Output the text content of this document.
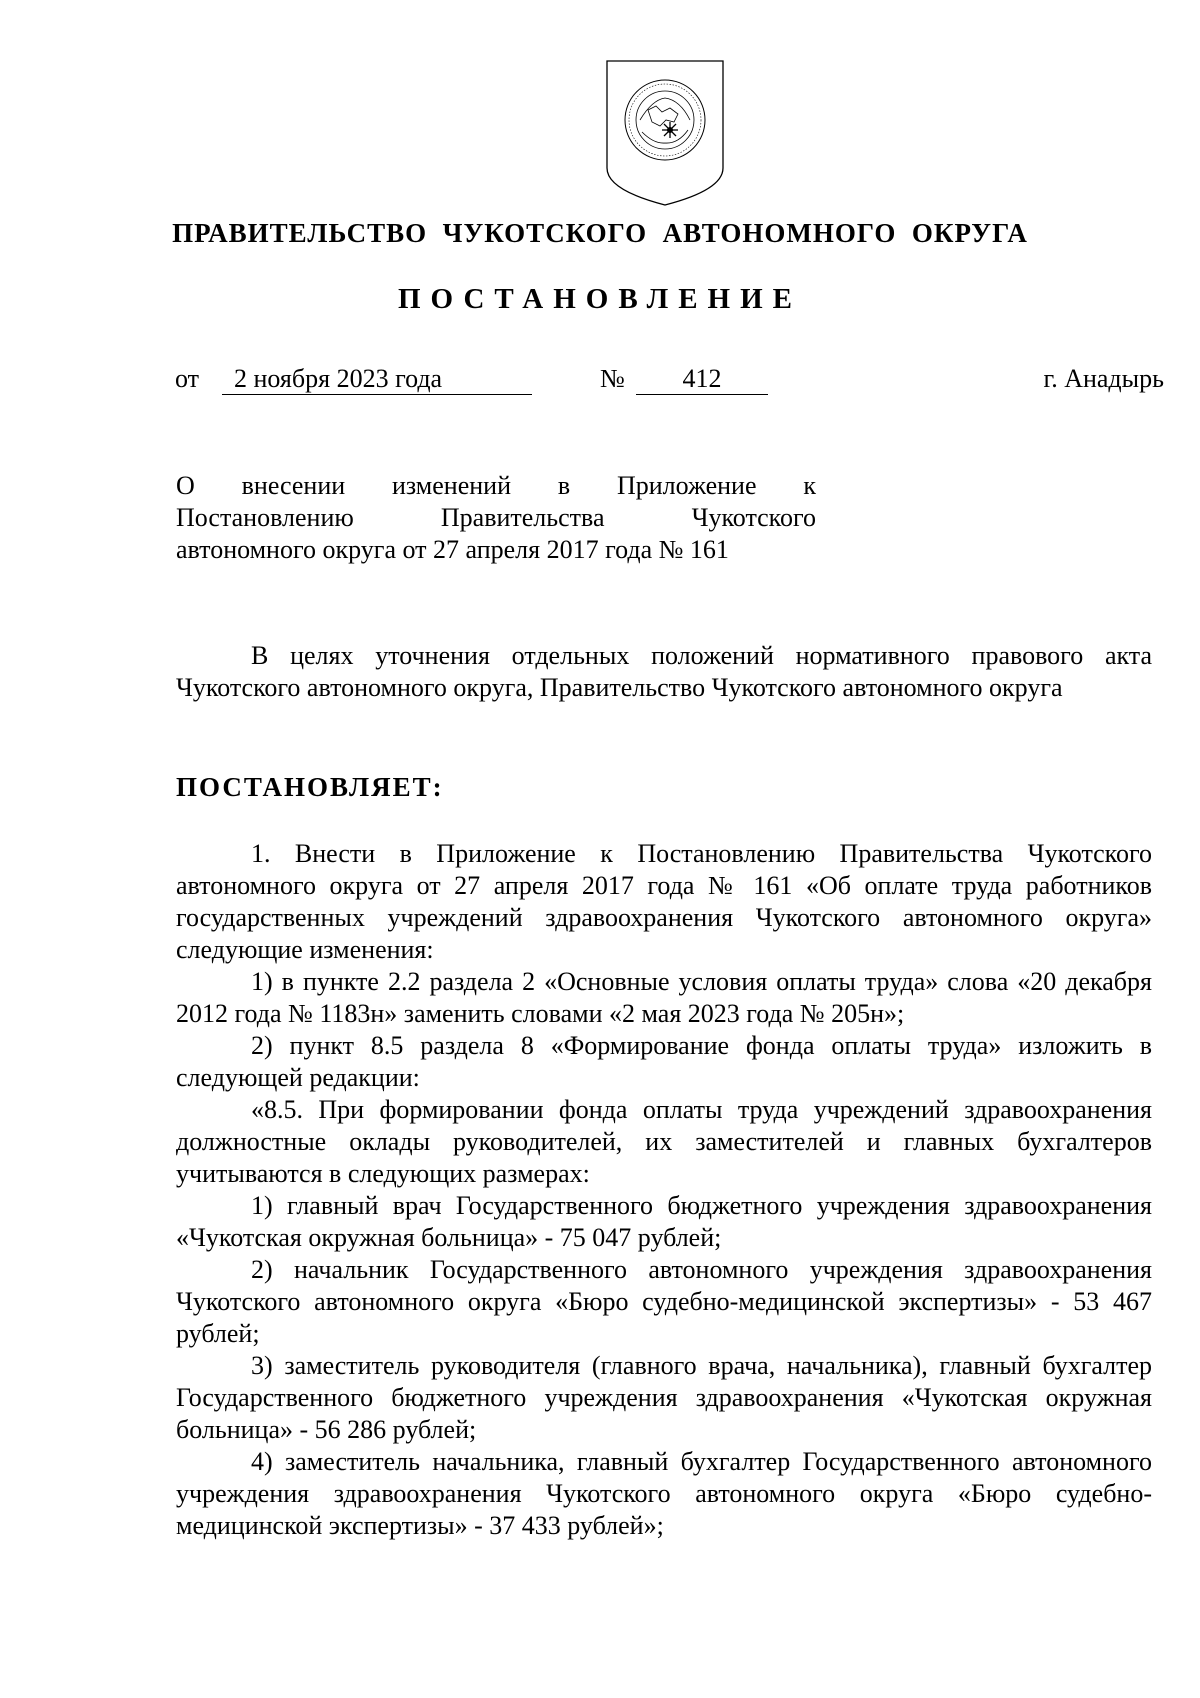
ПРАВИТЕЛЬСТВО  ЧУКОТСКОГО  АВТОНОМНОГО  ОКРУГА
ПОСТАНОВЛЕНИЕ
от	2 ноября 2023 года	№	412	г. Анадырь
О внесении изменений в Приложение к
Постановлению Правительства Чукотского
автономного округа от 27 апреля 2017 года № 161

В целях уточнения отдельных положений нормативного правового акта Чукотского автономного округа, Правительство Чукотского автономного округа

ПОСТАНОВЛЯЕТ:

1. Внести в Приложение к Постановлению Правительства Чукотского автономного округа от 27 апреля 2017 года № 161 «Об оплате труда работников государственных учреждений здравоохранения Чукотского автономного округа» следующие изменения:

1) в пункте 2.2 раздела 2 «Основные условия оплаты труда» слова «20 декабря 2012 года № 1183н» заменить словами «2 мая 2023 года № 205н»;

2) пункт 8.5 раздела 8 «Формирование фонда оплаты труда» изложить в следующей редакции:

«8.5. При формировании фонда оплаты труда учреждений здравоохранения должностные оклады руководителей, их заместителей и главных бухгалтеров учитываются в следующих размерах:

1) главный врач Государственного бюджетного учреждения здравоохранения «Чукотская окружная больница» - 75 047 рублей;

2) начальник Государственного автономного учреждения здравоохранения Чукотского автономного округа «Бюро судебно-медицинской экспертизы» - 53 467 рублей;

3) заместитель руководителя (главного врача, начальника), главный бухгалтер Государственного бюджетного учреждения здравоохранения «Чукотская окружная больница» - 56 286 рублей;

4) заместитель начальника, главный бухгалтер Государственного автономного учреждения здравоохранения Чукотского автономного округа «Бюро судебно-медицинской экспертизы» - 37 433 рублей»;
